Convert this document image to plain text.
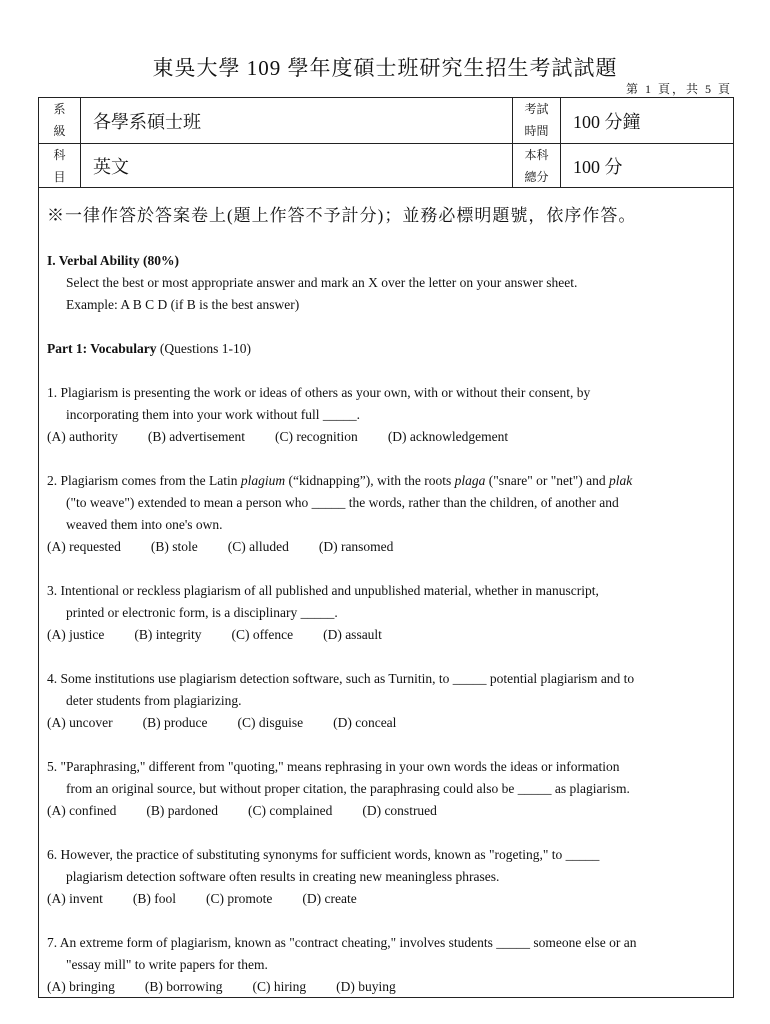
東吳大學 109 學年度碩士班研究生招生考試試題
第 1 頁，共 5 頁
系
級	各學系碩士班
考試
時間	100 分鐘
科
目
英文
本科
總分
100 分
※一律作答於答案卷上(題上作答不予計分)；並務必標明題號，依序作答。

I. Verbal Ability (80%)

Select the best or most appropriate answer and mark an X over the letter on your answer sheet.

Example: A B C D (if B is the best answer)

Part 1: Vocabulary (Questions 1-10)

1. Plagiarism is presenting the work or ideas of others as your own, with or without their consent, by

incorporating them into your work without full _____.

(A) authority (B) advertisement (C) recognition (D) acknowledgement

2. Plagiarism comes from the Latin plagium (“kidnapping”), with the roots plaga ("snare" or "net") and plak

("to weave") extended to mean a person who _____ the words, rather than the children, of another and

weaved them into one's own.

(A) requested (B) stole (C) alluded (D) ransomed

3. Intentional or reckless plagiarism of all published and unpublished material, whether in manuscript,

printed or electronic form, is a disciplinary _____.

(A) justice (B) integrity (C) offence (D) assault

4. Some institutions use plagiarism detection software, such as Turnitin, to _____ potential plagiarism and to

deter students from plagiarizing.

(A) uncover (B) produce (C) disguise (D) conceal

5. "Paraphrasing," different from "quoting," means rephrasing in your own words the ideas or information

from an original source, but without proper citation, the paraphrasing could also be _____ as plagiarism.

(A) confined (B) pardoned (C) complained (D) construed

6. However, the practice of substituting synonyms for sufficient words, known as "rogeting," to _____

plagiarism detection software often results in creating new meaningless phrases.

(A) invent (B) fool (C) promote (D) create

7. An extreme form of plagiarism, known as "contract cheating," involves students _____ someone else or an

"essay mill" to write papers for them.

(A) bringing (B) borrowing (C) hiring (D) buying
